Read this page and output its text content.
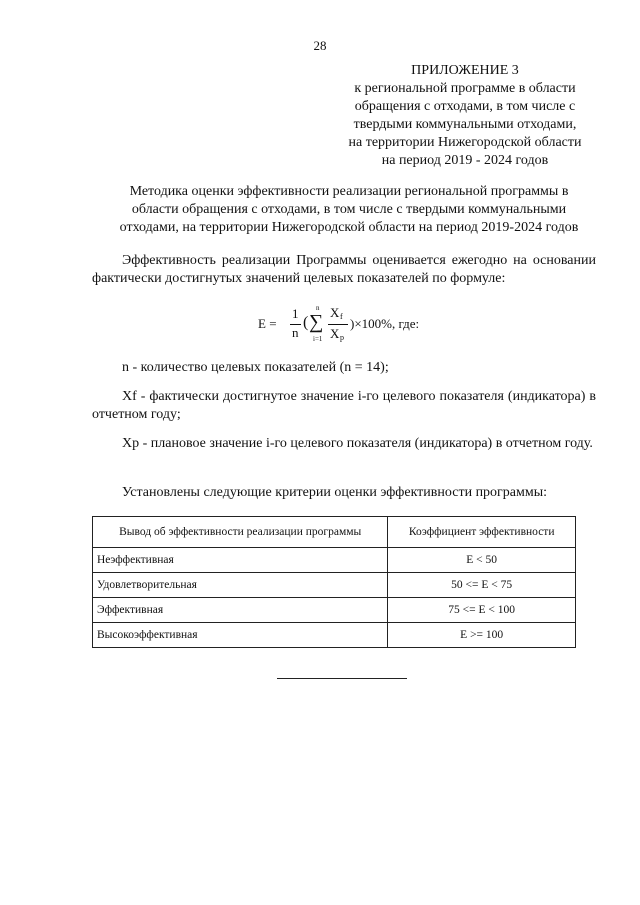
28
ПРИЛОЖЕНИЕ 3
к региональной программе в области
обращения с отходами, в том числе с
твердыми коммунальными отходами,
на территории Нижегородской области
на период 2019 - 2024 годов
Методика оценки эффективности реализации региональной программы в
области обращения с отходами, в том числе с твердыми коммунальными
отходами, на территории Нижегородской области на период 2019-2024 годов
Эффективность реализации Программы оценивается ежегодно на основании фактически достигнутых значений целевых показателей по формуле:
E =
1
n
(
n
∑
i=1
X f
X p
)×100%, где:
n - количество целевых показателей (n = 14);
Xf - фактически достигнутое значение i-го целевого показателя (индикатора) в отчетном году;
Xp - плановое значение i-го целевого показателя (индикатора) в отчетном году.
Установлены следующие критерии оценки эффективности программы:
Вывод об эффективности реализации программы	Коэффициент эффективности
Неэффективная	E < 50
Удовлетворительная	50 <= E < 75
Эффективная	75 <= E < 100
Высокоэффективная	E >= 100
